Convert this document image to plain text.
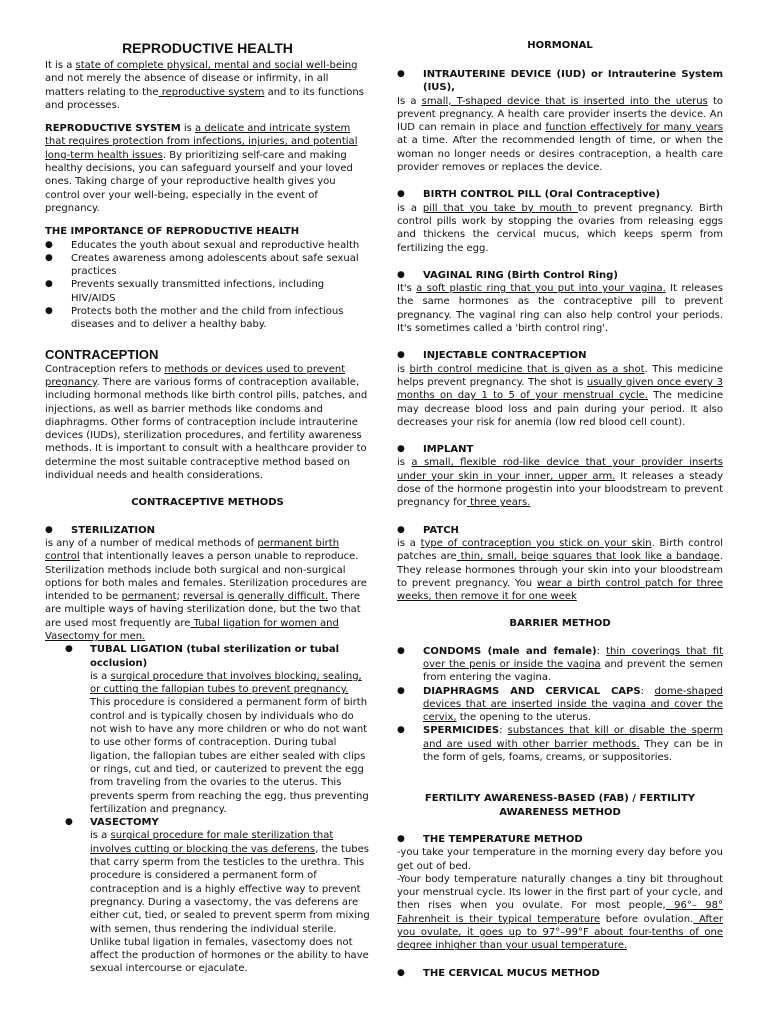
REPRODUCTIVE HEALTH

It is a state of complete physical, mental and social well-being and not merely the absence of disease or infirmity, in all matters relating to the reproductive system and to its functions and processes.

REPRODUCTIVE SYSTEM is a delicate and intricate system that requires protection from infections, injuries, and potential long-term health issues. By prioritizing self-care and making healthy decisions, you can safeguard yourself and your loved ones. Taking charge of your reproductive health gives you control over your well-being, especially in the event of pregnancy.

THE IMPORTANCE OF REPRODUCTIVE HEALTH

● Educates the youth about sexual and reproductive health
● Creates awareness among adolescents about safe sexual practices
● Prevents sexually transmitted infections, including HIV/AIDS
● Protects both the mother and the child from infectious diseases and to deliver a healthy baby.

CONTRACEPTION

Contraception refers to methods or devices used to prevent pregnancy. There are various forms of contraception available, including hormonal methods like birth control pills, patches, and injections, as well as barrier methods like condoms and diaphragms. Other forms of contraception include intrauterine devices (IUDs), sterilization procedures, and fertility awareness methods. It is important to consult with a healthcare provider to determine the most suitable contraceptive method based on individual needs and health considerations.

CONTRACEPTIVE METHODS

● STERILIZATION

is any of a number of medical methods of permanent birth control that intentionally leaves a person unable to reproduce. Sterilization methods include both surgical and non-surgical options for both males and females. Sterilization procedures are intended to be permanent; reversal is generally difficult. There are multiple ways of having sterilization done, but the two that are used most frequently are Tubal ligation for women and Vasectomy for men.

● TUBAL LIGATION (tubal sterilization or tubal occlusion)

is a surgical procedure that involves blocking, sealing, or cutting the fallopian tubes to prevent pregnancy. This procedure is considered a permanent form of birth control and is typically chosen by individuals who do not wish to have any more children or who do not want to use other forms of contraception. During tubal ligation, the fallopian tubes are either sealed with clips or rings, cut and tied, or cauterized to prevent the egg from traveling from the ovaries to the uterus. This prevents sperm from reaching the egg, thus preventing fertilization and pregnancy.

● VASECTOMY

is a surgical procedure for male sterilization that involves cutting or blocking the vas deferens, the tubes that carry sperm from the testicles to the urethra. This procedure is considered a permanent form of contraception and is a highly effective way to prevent pregnancy. During a vasectomy, the vas deferens are either cut, tied, or sealed to prevent sperm from mixing with semen, thus rendering the individual sterile. Unlike tubal ligation in females, vasectomy does not affect the production of hormones or the ability to have sexual intercourse or ejaculate.

HORMONAL

● INTRAUTERINE DEVICE (IUD) or Intrauterine System (IUS),

Is a small, T-shaped device that is inserted into the uterus to prevent pregnancy. A health care provider inserts the device. An IUD can remain in place and function effectively for many years at a time. After the recommended length of time, or when the woman no longer needs or desires contraception, a health care provider removes or replaces the device.

● BIRTH CONTROL PILL (Oral Contraceptive)

is a pill that you take by mouth to prevent pregnancy. Birth control pills work by stopping the ovaries from releasing eggs and thickens the cervical mucus, which keeps sperm from fertilizing the egg.

● VAGINAL RING (Birth Control Ring)

It's a soft plastic ring that you put into your vagina. It releases the same hormones as the contraceptive pill to prevent pregnancy. The vaginal ring can also help control your periods. It's sometimes called a 'birth control ring'.

● INJECTABLE CONTRACEPTION

is birth control medicine that is given as a shot. This medicine helps prevent pregnancy. The shot is usually given once every 3 months on day 1 to 5 of your menstrual cycle. The medicine may decrease blood loss and pain during your period. It also decreases your risk for anemia (low red blood cell count).

● IMPLANT

is a small, flexible rod-like device that your provider inserts under your skin in your inner, upper arm. It releases a steady dose of the hormone progestin into your bloodstream to prevent pregnancy for three years.

● PATCH

is a type of contraception you stick on your skin. Birth control patches are thin, small, beige squares that look like a bandage. They release hormones through your skin into your bloodstream to prevent pregnancy. You wear a birth control patch for three weeks, then remove it for one week

BARRIER METHOD

● CONDOMS (male and female): thin coverings that fit over the penis or inside the vagina and prevent the semen from entering the vagina.
● DIAPHRAGMS AND CERVICAL CAPS: dome-shaped devices that are inserted inside the vagina and cover the cervix, the opening to the uterus.
● SPERMICIDES: substances that kill or disable the sperm and are used with other barrier methods. They can be in the form of gels, foams, creams, or suppositories.

FERTILITY AWARENESS-BASED (FAB) / FERTILITY AWARENESS METHOD

● THE TEMPERATURE METHOD

-you take your temperature in the morning every day before you get out of bed.

-Your body temperature naturally changes a tiny bit throughout your menstrual cycle. Its lower in the first part of your cycle, and then rises when you ovulate. For most people, 96°– 98° Fahrenheit is their typical temperature before ovulation. After you ovulate, it goes up to 97°–99°F about four-tenths of one degree inhigher than your usual temperature.

● THE CERVICAL MUCUS METHOD
